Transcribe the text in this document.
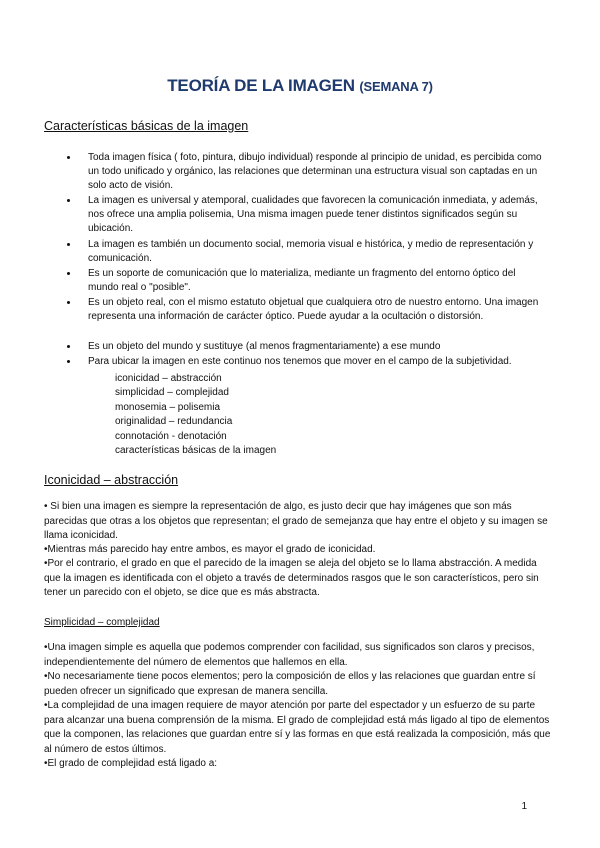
TEORÍA DE LA IMAGEN (SEMANA 7)
Características básicas de la imagen
Toda imagen física ( foto, pintura, dibujo individual) responde al principio de unidad, es percibida como un todo unificado y orgánico, las relaciones que determinan una estructura visual son captadas en un solo acto de visión.
La imagen es universal y atemporal, cualidades que favorecen la comunicación inmediata, y además, nos ofrece una amplia polisemia, Una misma imagen puede tener distintos significados según su ubicación.
La imagen es también un documento social, memoria visual e histórica, y medio de representación y comunicación.
Es un soporte de comunicación que lo materializa, mediante un fragmento del entorno óptico del mundo real o "posible".
Es un objeto real, con el mismo estatuto objetual que cualquiera otro de nuestro entorno. Una imagen representa una información de carácter óptico. Puede ayudar a la ocultación o distorsión.
Es un objeto del mundo y sustituye (al menos fragmentariamente) a ese mundo
Para ubicar la imagen en este continuo nos tenemos que mover en el campo de la subjetividad.
iconicidad – abstracción
simplicidad – complejidad
monosemia – polisemia
originalidad – redundancia
connotación - denotación
características básicas de la imagen
Iconicidad – abstracción
• Si bien una imagen es siempre la representación de algo, es justo decir que hay imágenes que son más parecidas que otras a los objetos que representan; el grado de semejanza que hay entre el objeto y su imagen se llama iconicidad.
•Mientras más parecido hay entre ambos, es mayor el grado de iconicidad.
•Por el contrario, el grado en que el parecido de la imagen se aleja del objeto se lo llama abstracción. A medida que la imagen es identificada con el objeto a través de determinados rasgos que le son característicos, pero sin tener un parecido con el objeto, se dice que es más abstracta.
Simplicidad – complejidad
•Una imagen simple es aquella que podemos comprender con facilidad, sus significados son claros y precisos, independientemente del número de elementos que hallemos en ella.
•No necesariamente tiene pocos elementos; pero la composición de ellos y las relaciones que guardan entre sí pueden ofrecer un significado que expresan de manera sencilla.
•La complejidad de una imagen requiere de mayor atención por parte del espectador y un esfuerzo de su parte para alcanzar una buena comprensión de la misma. El grado de complejidad está más ligado al tipo de elementos que la componen, las relaciones que guardan entre sí y las formas en que está realizada la composición, más que al número de estos últimos.
•El grado de complejidad está ligado a:
1
